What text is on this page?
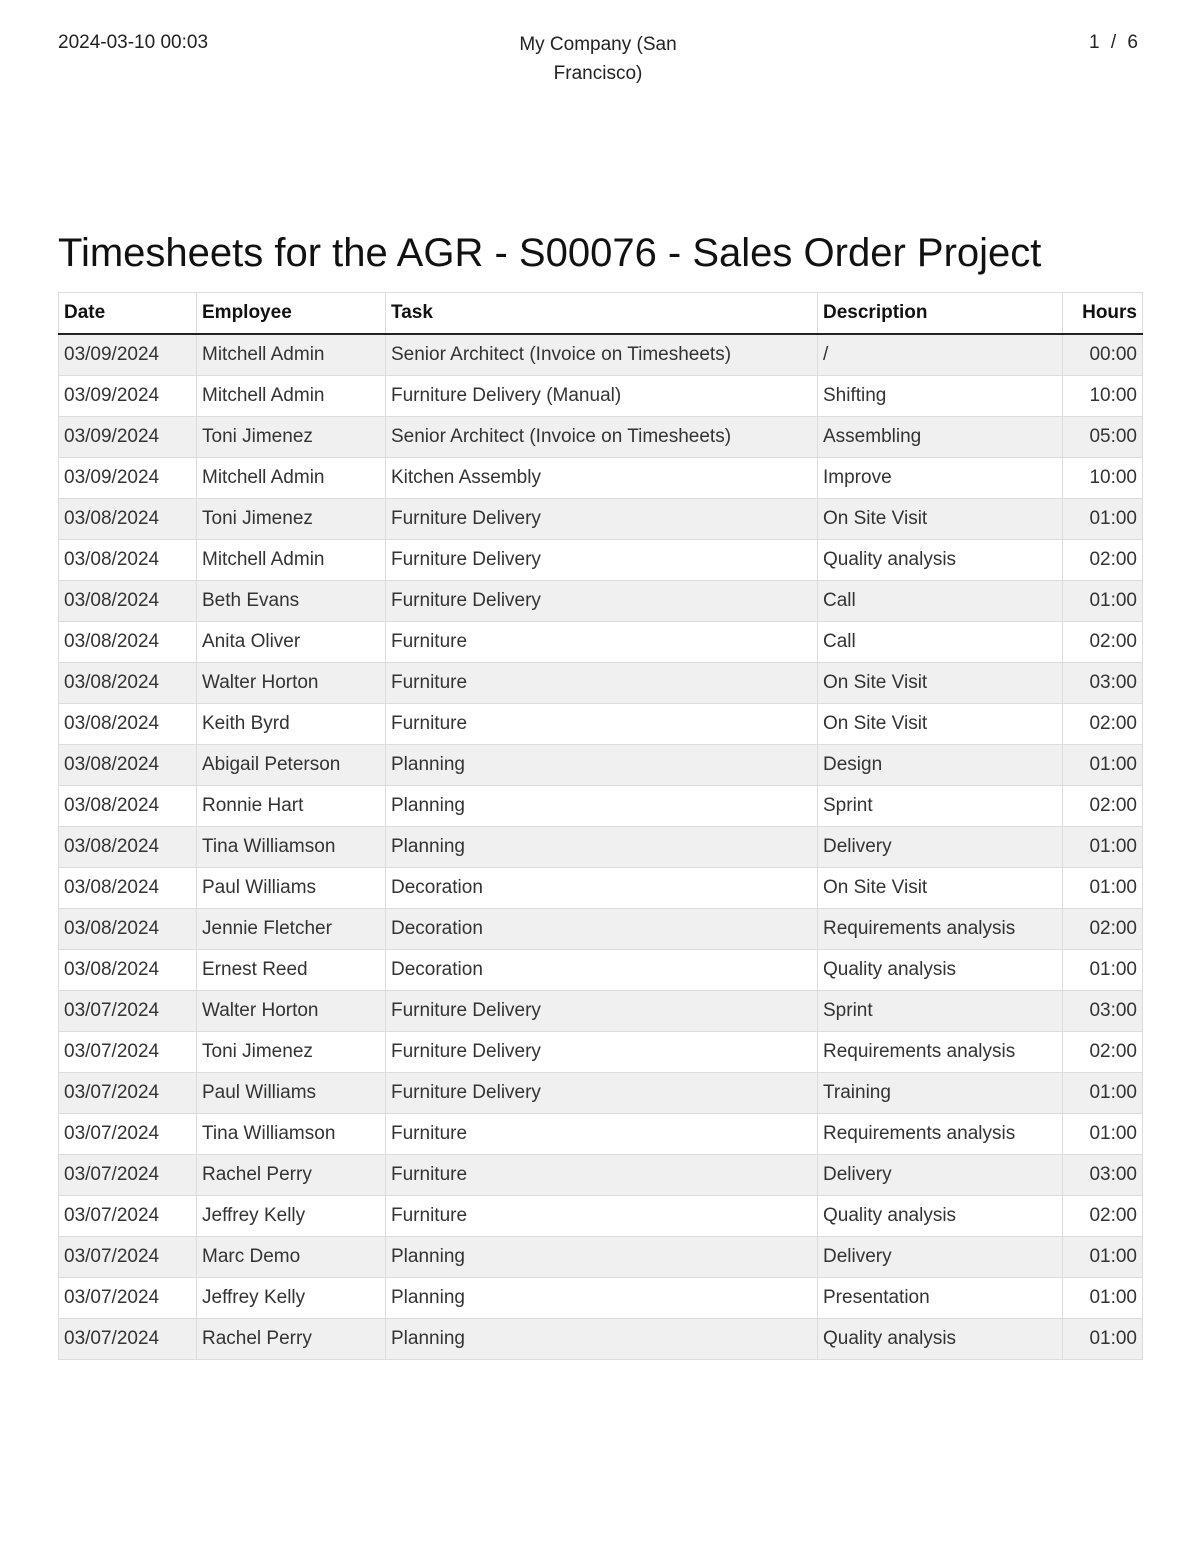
2024-03-10 00:03	My Company (San Francisco)
1 / 6
Timesheets for the AGR - S00076 - Sales Order Project
Date	Employee	Task	Description	Hours
03/09/2024	Mitchell Admin	Senior Architect (Invoice on Timesheets)	/	00:00
03/09/2024	Mitchell Admin	Furniture Delivery (Manual)	Shifting	10:00
03/09/2024	Toni Jimenez	Senior Architect (Invoice on Timesheets)	Assembling	05:00
03/09/2024	Mitchell Admin	Kitchen Assembly	Improve	10:00
03/08/2024	Toni Jimenez	Furniture Delivery	On Site Visit	01:00
03/08/2024	Mitchell Admin	Furniture Delivery	Quality analysis	02:00
03/08/2024	Beth Evans	Furniture Delivery	Call	01:00
03/08/2024	Anita Oliver	Furniture	Call	02:00
03/08/2024	Walter Horton	Furniture	On Site Visit	03:00
03/08/2024	Keith Byrd	Furniture	On Site Visit	02:00
03/08/2024	Abigail Peterson	Planning	Design	01:00
03/08/2024	Ronnie Hart	Planning	Sprint	02:00
03/08/2024	Tina Williamson	Planning	Delivery	01:00
03/08/2024	Paul Williams	Decoration	On Site Visit	01:00
03/08/2024	Jennie Fletcher	Decoration	Requirements analysis	02:00
03/08/2024	Ernest Reed	Decoration	Quality analysis	01:00
03/07/2024	Walter Horton	Furniture Delivery	Sprint	03:00
03/07/2024	Toni Jimenez	Furniture Delivery	Requirements analysis	02:00
03/07/2024	Paul Williams	Furniture Delivery	Training	01:00
03/07/2024	Tina Williamson	Furniture	Requirements analysis	01:00
03/07/2024	Rachel Perry	Furniture	Delivery	03:00
03/07/2024	Jeffrey Kelly	Furniture	Quality analysis	02:00
03/07/2024	Marc Demo	Planning	Delivery	01:00
03/07/2024	Jeffrey Kelly	Planning	Presentation	01:00
03/07/2024	Rachel Perry	Planning	Quality analysis	01:00
